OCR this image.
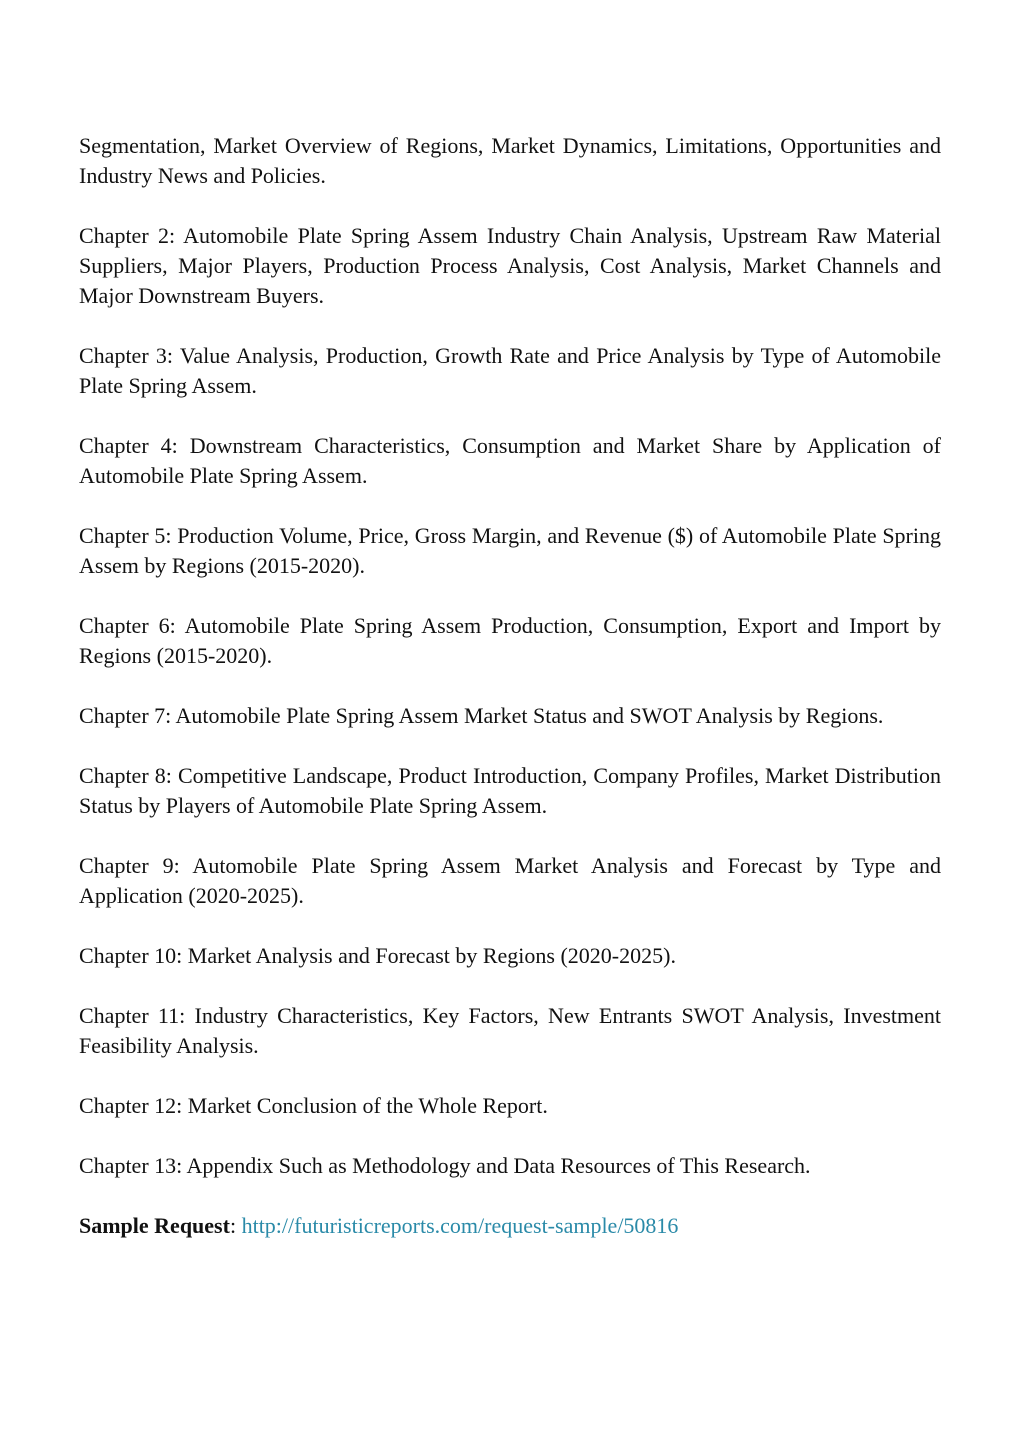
Segmentation, Market Overview of Regions, Market Dynamics, Limitations, Opportunities and Industry News and Policies.

Chapter 2: Automobile Plate Spring Assem Industry Chain Analysis, Upstream Raw Material Suppliers, Major Players, Production Process Analysis, Cost Analysis, Market Channels and Major Downstream Buyers.

Chapter 3: Value Analysis, Production, Growth Rate and Price Analysis by Type of Automobile Plate Spring Assem.

Chapter 4: Downstream Characteristics, Consumption and Market Share by Application of Automobile Plate Spring Assem.

Chapter 5: Production Volume, Price, Gross Margin, and Revenue ($) of Automobile Plate Spring Assem by Regions (2015-2020).

Chapter 6: Automobile Plate Spring Assem Production, Consumption, Export and Import by Regions (2015-2020).

Chapter 7: Automobile Plate Spring Assem Market Status and SWOT Analysis by Regions.

Chapter 8: Competitive Landscape, Product Introduction, Company Profiles, Market Distribution Status by Players of Automobile Plate Spring Assem.

Chapter 9: Automobile Plate Spring Assem Market Analysis and Forecast by Type and Application (2020-2025).

Chapter 10: Market Analysis and Forecast by Regions (2020-2025).

Chapter 11: Industry Characteristics, Key Factors, New Entrants SWOT Analysis, Investment Feasibility Analysis.

Chapter 12: Market Conclusion of the Whole Report.

Chapter 13: Appendix Such as Methodology and Data Resources of This Research.

Sample Request: http://futuristicreports.com/request-sample/50816
